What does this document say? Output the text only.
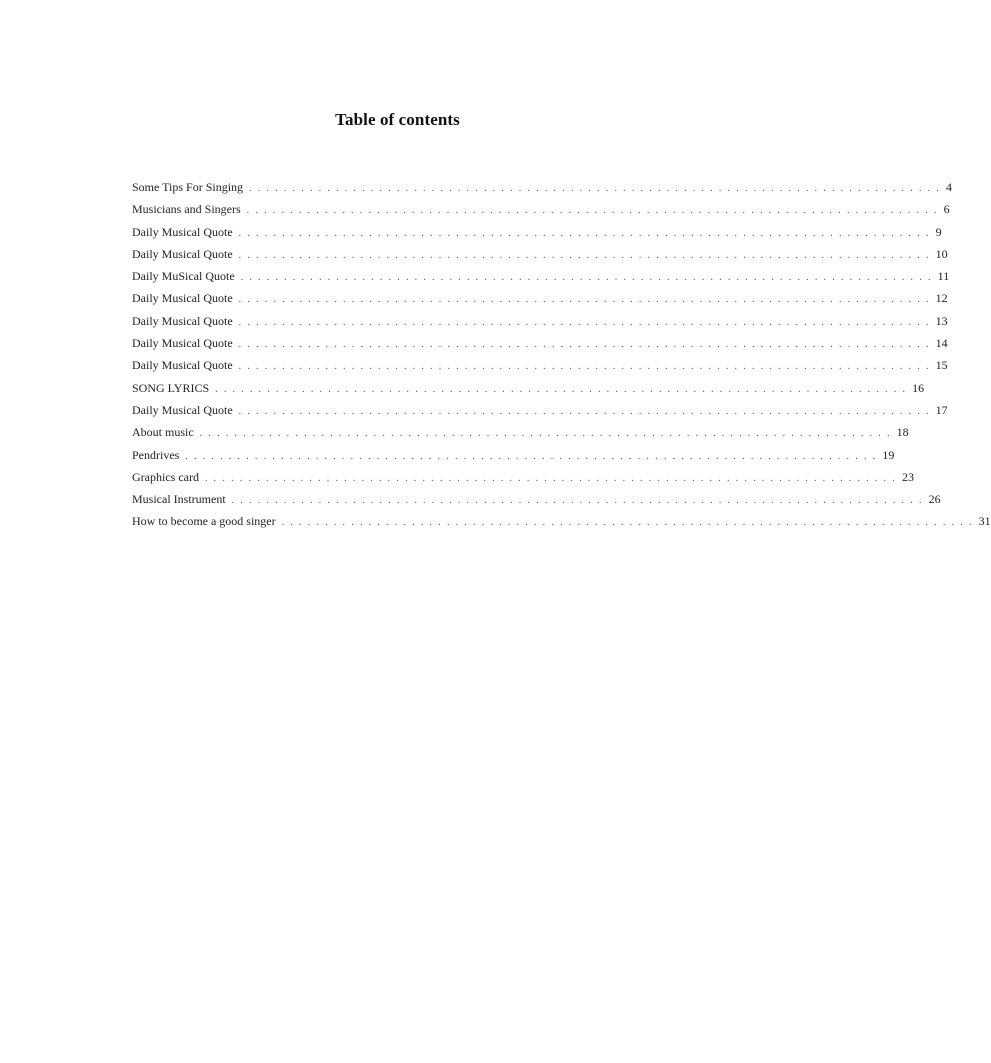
Table of contents
Some Tips For Singing ................................................................................ 4
Musicians and Singers ................................................................................ 6
Daily Musical Quote ................................................................................ 9
Daily Musical Quote ................................................................................ 10
Daily MuSical Quote ................................................................................ 11
Daily Musical Quote ................................................................................ 12
Daily Musical Quote ................................................................................ 13
Daily Musical Quote ................................................................................ 14
Daily Musical Quote ................................................................................ 15
SONG LYRICS ................................................................................ 16
Daily Musical Quote ................................................................................ 17
About music ................................................................................ 18
Pendrives ................................................................................ 19
Graphics card ................................................................................ 23
Musical Instrument ................................................................................ 26
How to become a good singer ................................................................................ 31
